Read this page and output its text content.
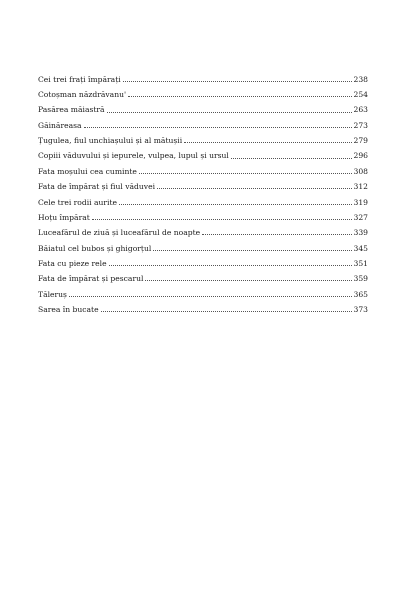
Cei trei frați împărați	238
Cotoșman năzdrăvanu'	254
Pasărea măiastră	263
Găinăreasa	273
Țugulea, fiul unchiașului și al mătușii	279
Copiii văduvului și iepurele, vulpea, lupul și ursul	296
Fata moșului cea cuminte	308
Fata de împărat și fiul văduvei	312
Cele trei rodii aurite	319
Hoțu împărat	327
Luceafărul de ziuă și luceafărul de noapte	339
Băiatul cel bubos și ghigorțul	345
Fata cu pieze rele	351
Fata de împărat și pescarul	359
Tăleruș	365
Sarea în bucate	373
